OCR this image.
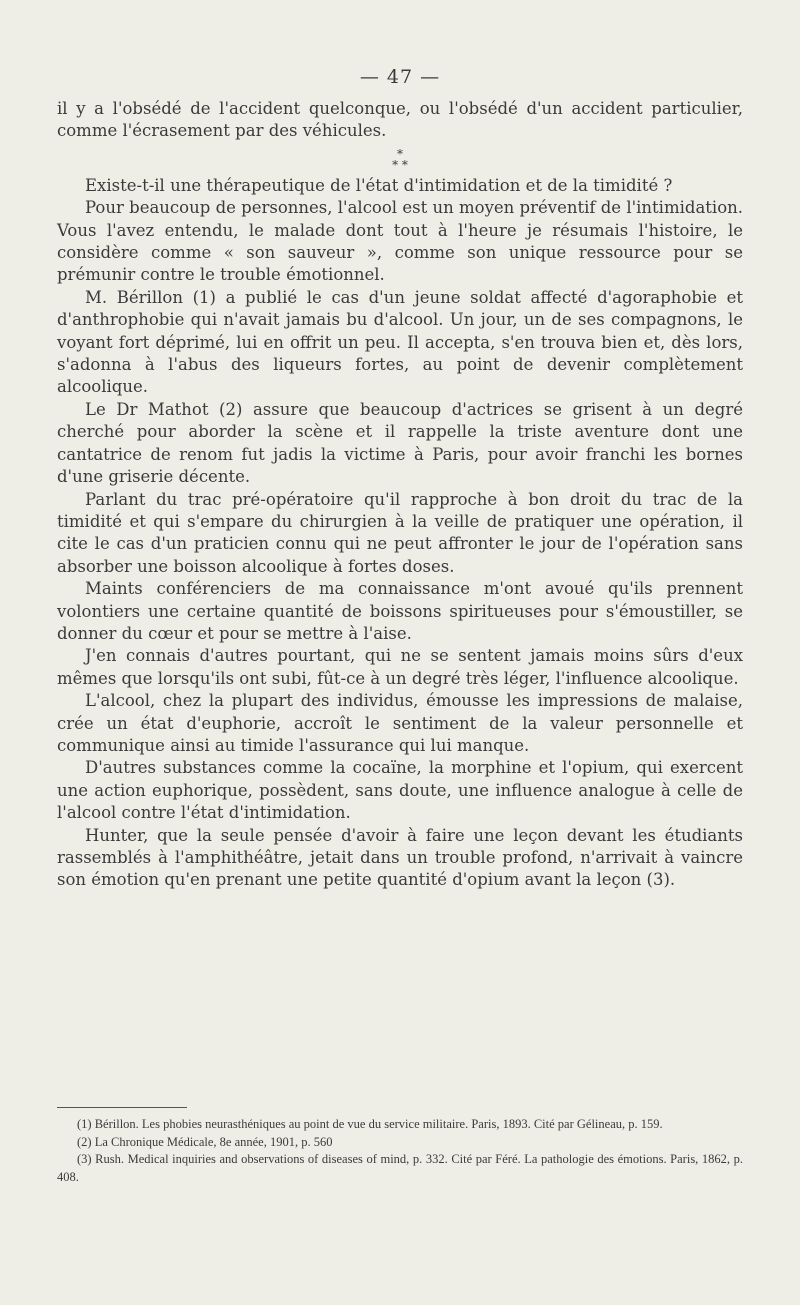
— 47 —

il y a l'obsédé de l'accident quelconque, ou l'obsédé d'un accident particulier, comme l'écrasement par des véhicules.

*
* *

Existe-t-il une thérapeutique de l'état d'intimidation et de la timidité ?

Pour beaucoup de personnes, l'alcool est un moyen préventif de l'intimidation. Vous l'avez entendu, le malade dont tout à l'heure je résumais l'histoire, le considère comme « son sauveur », comme son unique ressource pour se prémunir contre le trouble émotionnel.

M. Bérillon (1) a publié le cas d'un jeune soldat affecté d'agoraphobie et d'anthrophobie qui n'avait jamais bu d'alcool. Un jour, un de ses compagnons, le voyant fort déprimé, lui en offrit un peu. Il accepta, s'en trouva bien et, dès lors, s'adonna à l'abus des liqueurs fortes, au point de devenir complètement alcoolique.

Le Dr Mathot (2) assure que beaucoup d'actrices se grisent à un degré cherché pour aborder la scène et il rappelle la triste aventure dont une cantatrice de renom fut jadis la victime à Paris, pour avoir franchi les bornes d'une griserie décente.

Parlant du trac pré-opératoire qu'il rapproche à bon droit du trac de la timidité et qui s'empare du chirurgien à la veille de pratiquer une opération, il cite le cas d'un praticien connu qui ne peut affronter le jour de l'opération sans absorber une boisson alcoolique à fortes doses.

Maints conférenciers de ma connaissance m'ont avoué qu'ils prennent volontiers une certaine quantité de boissons spiritueuses pour s'émoustiller, se donner du cœur et pour se mettre à l'aise.

J'en connais d'autres pourtant, qui ne se sentent jamais moins sûrs d'eux mêmes que lorsqu'ils ont subi, fût-ce à un degré très léger, l'influence alcoolique.

L'alcool, chez la plupart des individus, émousse les impressions de malaise, crée un état d'euphorie, accroît le sentiment de la valeur personnelle et communique ainsi au timide l'assurance qui lui manque.

D'autres substances comme la cocaïne, la morphine et l'opium, qui exercent une action euphorique, possèdent, sans doute, une influence analogue à celle de l'alcool contre l'état d'intimidation.

Hunter, que la seule pensée d'avoir à faire une leçon devant les étudiants rassemblés à l'amphithéâtre, jetait dans un trouble profond, n'arrivait à vaincre son émotion qu'en prenant une petite quantité d'opium avant la leçon (3).

(1) Bérillon. Les phobies neurasthéniques au point de vue du service militaire. Paris, 1893. Cité par Gélineau, p. 159.

(2) La Chronique Médicale, 8e année, 1901, p. 560

(3) Rush. Medical inquiries and observations of diseases of mind, p. 332. Cité par Féré. La pathologie des émotions. Paris, 1862, p. 408.
